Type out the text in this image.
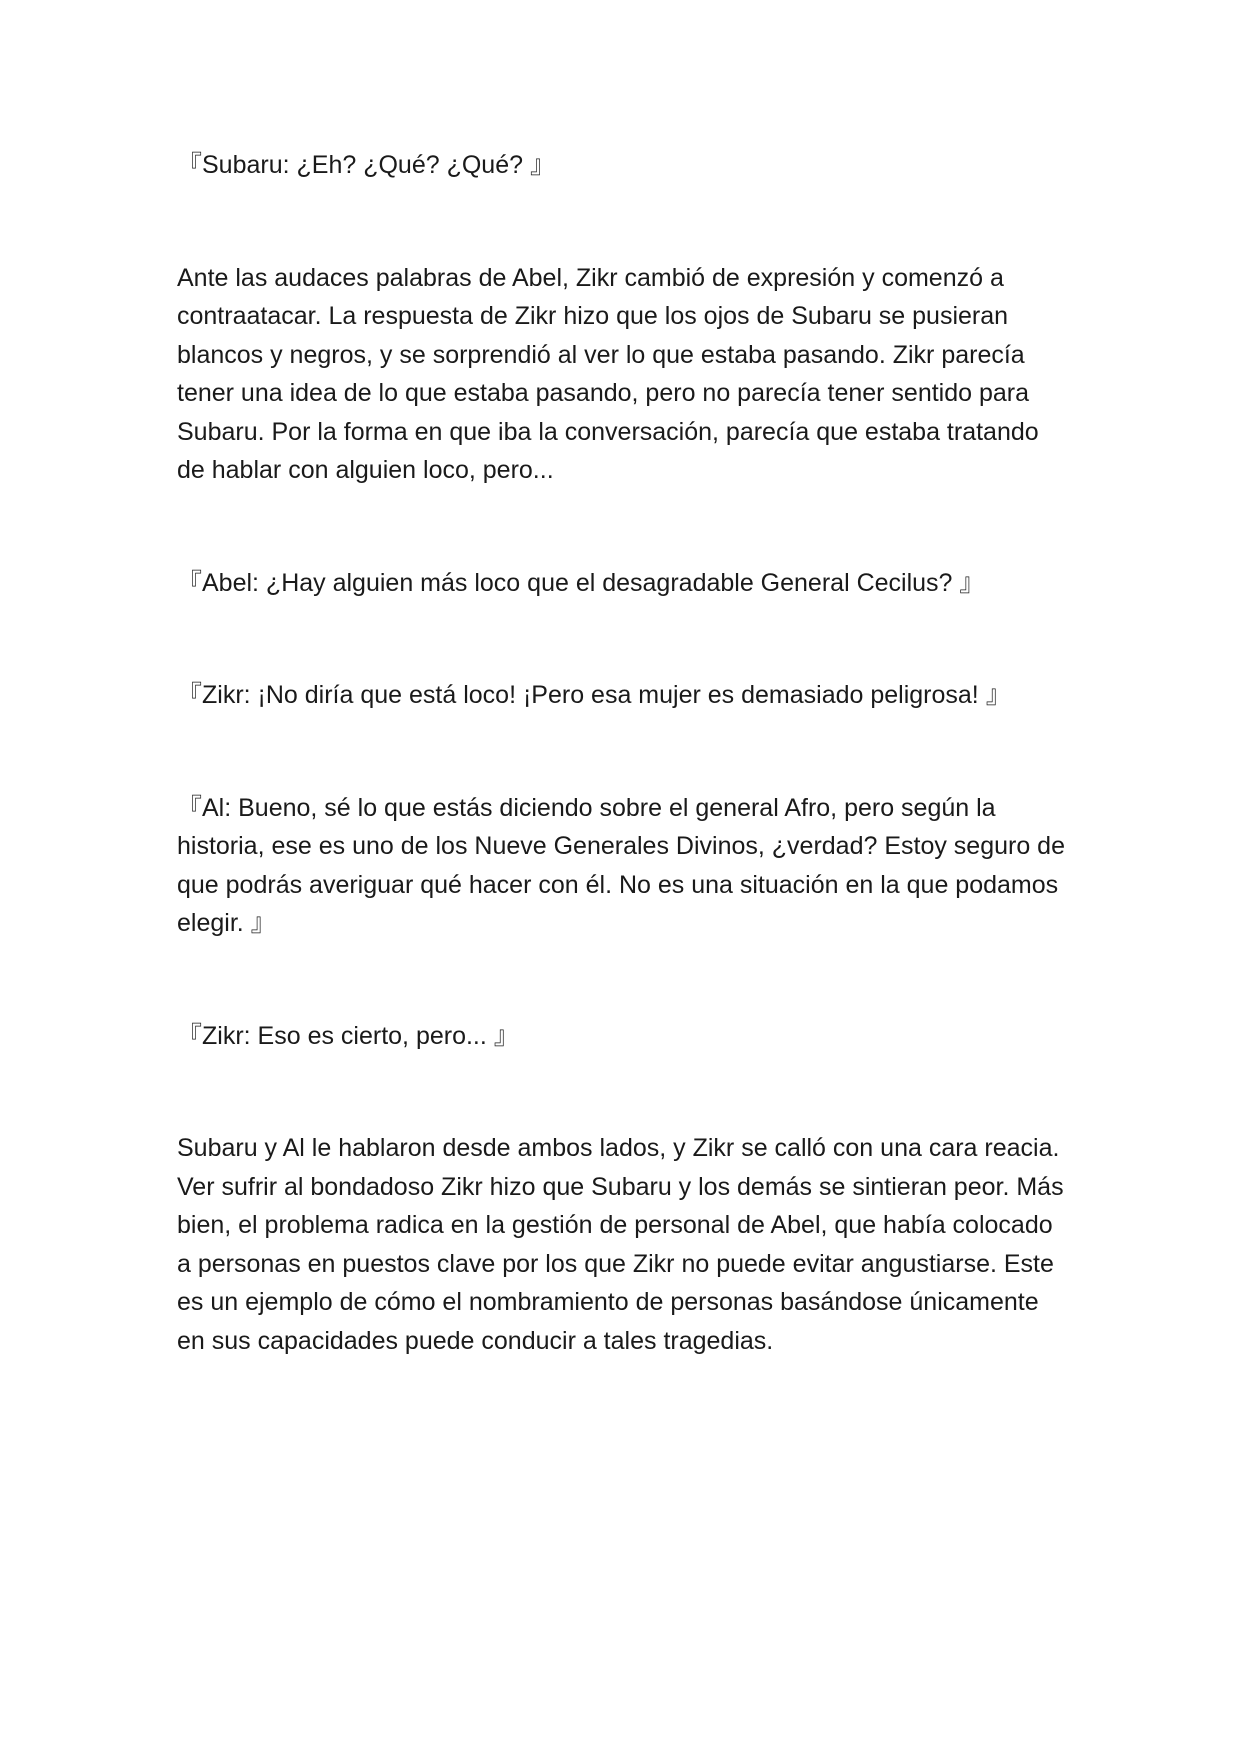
『Subaru: ¿Eh? ¿Qué? ¿Qué? 』

Ante las audaces palabras de Abel, Zikr cambió de expresión y comenzó a contraatacar. La respuesta de Zikr hizo que los ojos de Subaru se pusieran blancos y negros, y se sorprendió al ver lo que estaba pasando. Zikr parecía tener una idea de lo que estaba pasando, pero no parecía tener sentido para Subaru. Por la forma en que iba la conversación, parecía que estaba tratando de hablar con alguien loco, pero...

『Abel: ¿Hay alguien más loco que el desagradable General Cecilus? 』

『Zikr: ¡No diría que está loco! ¡Pero esa mujer es demasiado peligrosa! 』

『Al: Bueno, sé lo que estás diciendo sobre el general Afro, pero según la historia, ese es uno de los Nueve Generales Divinos, ¿verdad? Estoy seguro de que podrás averiguar qué hacer con él. No es una situación en la que podamos elegir. 』

『Zikr: Eso es cierto, pero... 』

Subaru y Al le hablaron desde ambos lados, y Zikr se calló con una cara reacia. Ver sufrir al bondadoso Zikr hizo que Subaru y los demás se sintieran peor. Más bien, el problema radica en la gestión de personal de Abel, que había colocado a personas en puestos clave por los que Zikr no puede evitar angustiarse. Este es un ejemplo de cómo el nombramiento de personas basándose únicamente en sus capacidades puede conducir a tales tragedias.
